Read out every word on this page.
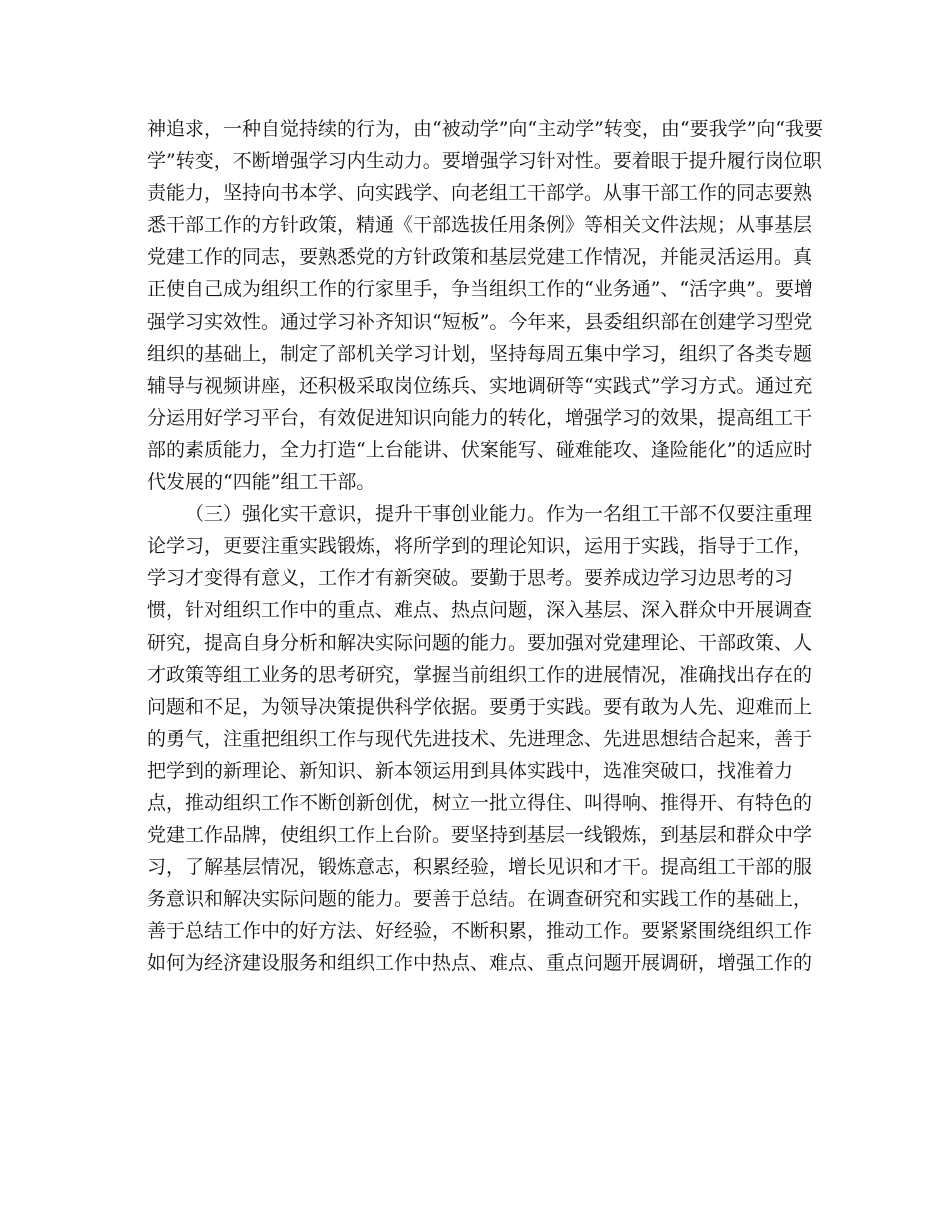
神追求，一种自觉持续的行为，由“被动学”向“主动学”转变，由“要我学”向“我要
学”转变，不断增强学习内生动力。要增强学习针对性。要着眼于提升履行岗位职
责能力，坚持向书本学、向实践学、向老组工干部学。从事干部工作的同志要熟
悉干部工作的方针政策，精通《干部选拔任用条例》等相关文件法规；从事基层
党建工作的同志，要熟悉党的方针政策和基层党建工作情况，并能灵活运用。真
正使自己成为组织工作的行家里手，争当组织工作的“业务通”、“活字典”。要增
强学习实效性。通过学习补齐知识“短板”。今年来，县委组织部在创建学习型党
组织的基础上，制定了部机关学习计划，坚持每周五集中学习，组织了各类专题
辅导与视频讲座，还积极采取岗位练兵、实地调研等“实践式”学习方式。通过充
分运用好学习平台，有效促进知识向能力的转化，增强学习的效果，提高组工干
部的素质能力，全力打造“上台能讲、伏案能写、碰难能攻、逢险能化”的适应时
代发展的“四能”组工干部。
（三）强化实干意识，提升干事创业能力。作为一名组工干部不仅要注重理
论学习，更要注重实践锻炼，将所学到的理论知识，运用于实践，指导于工作，
学习才变得有意义，工作才有新突破。要勤于思考。要养成边学习边思考的习
惯，针对组织工作中的重点、难点、热点问题，深入基层、深入群众中开展调查
研究，提高自身分析和解决实际问题的能力。要加强对党建理论、干部政策、人
才政策等组工业务的思考研究，掌握当前组织工作的进展情况，准确找出存在的
问题和不足，为领导决策提供科学依据。要勇于实践。要有敢为人先、迎难而上
的勇气，注重把组织工作与现代先进技术、先进理念、先进思想结合起来，善于
把学到的新理论、新知识、新本领运用到具体实践中，选准突破口，找准着力
点，推动组织工作不断创新创优，树立一批立得住、叫得响、推得开、有特色的
党建工作品牌，使组织工作上台阶。要坚持到基层一线锻炼，到基层和群众中学
习，了解基层情况，锻炼意志，积累经验，增长见识和才干。提高组工干部的服
务意识和解决实际问题的能力。要善于总结。在调查研究和实践工作的基础上，
善于总结工作中的好方法、好经验，不断积累，推动工作。要紧紧围绕组织工作
如何为经济建设服务和组织工作中热点、难点、重点问题开展调研，增强工作的
